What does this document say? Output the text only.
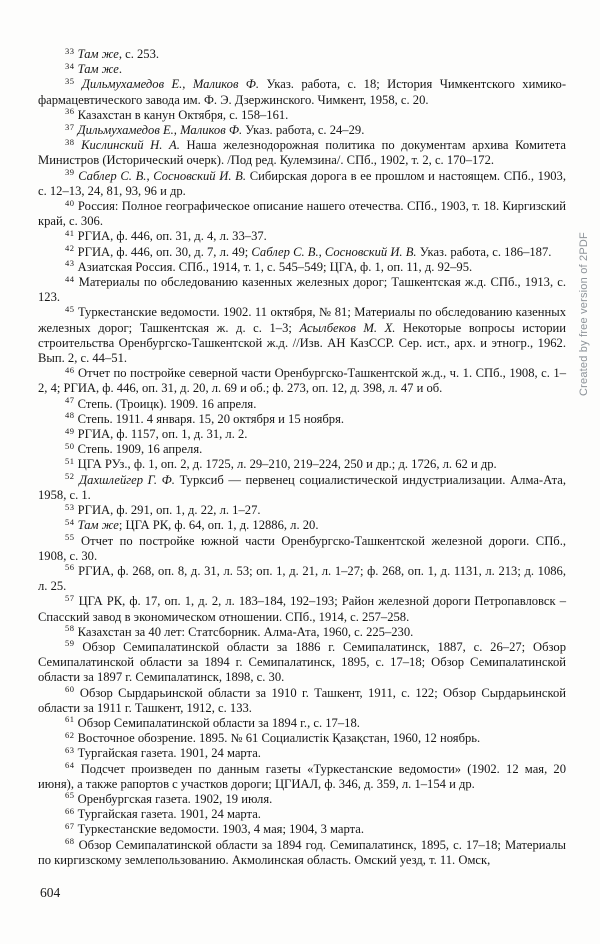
$^{33}$ Там же, с. 253.

$^{34}$ Там же.

$^{35}$ Дильмухамедов Е., Маликов Ф. Указ. работа, с. 18; История Чимкентского химико-фармацевтического завода им. Ф. Э. Дзержинского. Чимкент, 1958, с. 20.

$^{36}$ Казахстан в канун Октября, с. 158–161.

$^{37}$ Дильмухамедов Е., Маликов Ф. Указ. работа, с. 24–29.

$^{38}$ Кислинский Н. А. Наша железнодорожная политика по документам архива Комитета Министров (Исторический очерк). /Под ред. Кулемзина/. СПб., 1902, т. 2, с. 170–172.

$^{39}$ Саблер С. В., Сосновский И. В. Сибирская дорога в ее прошлом и настоящем. СПб., 1903, с. 12–13, 24, 81, 93, 96 и др.

$^{40}$ Россия: Полное географическое описание нашего отечества. СПб., 1903, т. 18. Киргизский край, с. 306.

$^{41}$ РГИА, ф. 446, оп. 31, д. 4, л. 33–37.

$^{42}$ РГИА, ф. 446, оп. 30, д. 7, л. 49; Саблер С. В., Сосновский И. В. Указ. работа, с. 186–187.

$^{43}$ Азиатская Россия. СПб., 1914, т. 1, с. 545–549; ЦГА, ф. 1, оп. 11, д. 92–95.

$^{44}$ Материалы по обследованию казенных железных дорог; Ташкентская ж.д. СПб., 1913, с. 123.

$^{45}$ Туркестанские ведомости. 1902. 11 октября, № 81; Материалы по обследованию казенных железных дорог; Ташкентская ж. д. с. 1–3; Асылбеков М. Х. Некоторые вопросы истории строительства Оренбургско-Ташкентской ж.д. //Изв. АН КазССР. Сер. ист., арх. и этногр., 1962. Вып. 2, с. 44–51.

$^{46}$ Отчет по постройке северной части Оренбургско-Ташкентской ж.д., ч. 1. СПб., 1908, с. 1–2, 4; РГИА, ф. 446, оп. 31, д. 20, л. 69 и об.; ф. 273, оп. 12, д. 398, л. 47 и об.

$^{47}$ Степь. (Троицк). 1909. 16 апреля.

$^{48}$ Степь. 1911. 4 января. 15, 20 октября и 15 ноября.

$^{49}$ РГИА, ф. 1157, оп. 1, д. 31, л. 2.

$^{50}$ Степь. 1909, 16 апреля.

$^{51}$ ЦГА РУз., ф. 1, оп. 2, д. 1725, л. 29–210, 219–224, 250 и др.; д. 1726, л. 62 и др.

$^{52}$ Дахшлейгер Г. Ф. Турксиб — первенец социалистической индустриализации. Алма-Ата, 1958, с. 1.

$^{53}$ РГИА, ф. 291, оп. 1, д. 22, л. 1–27.

$^{54}$ Там же; ЦГА РК, ф. 64, оп. 1, д. 12886, л. 20.

$^{55}$ Отчет по постройке южной части Оренбургско-Ташкентской железной дороги. СПб., 1908, с. 30.

$^{56}$ РГИА, ф. 268, оп. 8, д. 31, л. 53; оп. 1, д. 21, л. 1–27; ф. 268, оп. 1, д. 1131, л. 213; д. 1086, л. 25.

$^{57}$ ЦГА РК, ф. 17, оп. 1, д. 2, л. 183–184, 192–193; Район железной дороги Петропавловск – Спасский завод в экономическом отношении. СПб., 1914, с. 257–258.

$^{58}$ Казахстан за 40 лет: Статсборник. Алма-Ата, 1960, с. 225–230.

$^{59}$ Обзор Семипалатинской области за 1886 г. Семипалатинск, 1887, с. 26–27; Обзор Семипалатинской области за 1894 г. Семипалатинск, 1895, с. 17–18; Обзор Семипалатинской области за 1897 г. Семипалатинск, 1898, с. 30.

$^{60}$ Обзор Сырдарьинской области за 1910 г. Ташкент, 1911, с. 122; Обзор Сырдарьинской области за 1911 г. Ташкент, 1912, с. 133.

$^{61}$ Обзор Семипалатинской области за 1894 г., с. 17–18.

$^{62}$ Восточное обозрение. 1895. № 61 Социалистік Қазақстан, 1960, 12 ноябрь.

$^{63}$ Тургайская газета. 1901, 24 марта.

$^{64}$ Подсчет произведен по данным газеты «Туркестанские ведомости» (1902. 12 мая, 20 июня), а также рапортов с участков дороги; ЦГИАЛ, ф. 346, д. 359, л. 1–154 и др.

$^{65}$ Оренбургская газета. 1902, 19 июля.

$^{66}$ Тургайская газета. 1901, 24 марта.

$^{67}$ Туркестанские ведомости. 1903, 4 мая; 1904, 3 марта.

$^{68}$ Обзор Семипалатинской области за 1894 год. Семипалатинск, 1895, с. 17–18; Материалы по киргизскому землепользованию. Акмолинская область. Омский уезд, т. 11. Омск,

604
Created by free version of 2PDF
